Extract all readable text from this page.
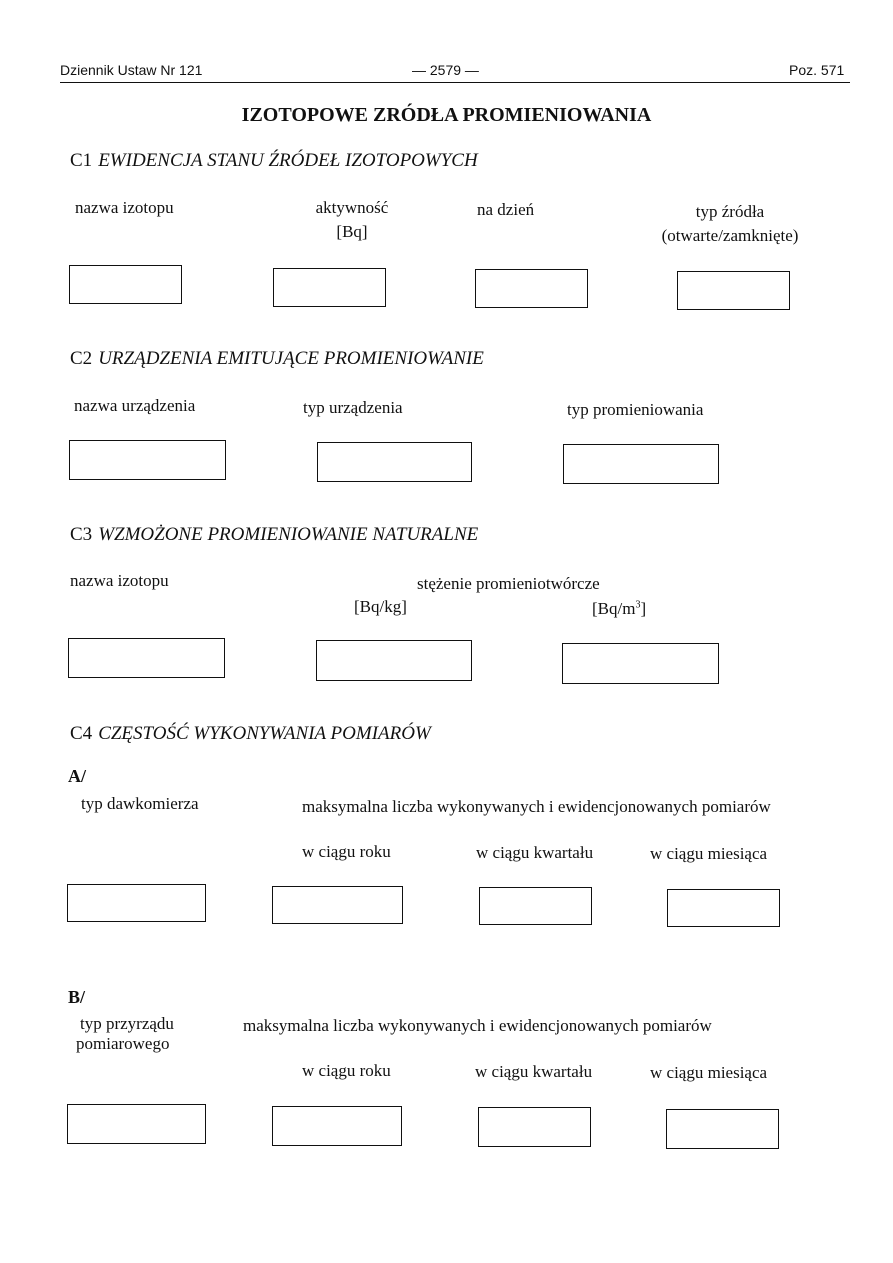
Dziennik Ustaw Nr 121	— 2579 —	Poz. 571
IZOTOPOWE ZRÓDŁA PROMIENIOWANIA
C1 EWIDENCJA STANU ŹRÓDEŁ IZOTOPOWYCH
nazwa izotopu	aktywność
[Bq]
na dzień	typ źródła
(otwarte/zamknięte)
C2 URZĄDZENIA EMITUJĄCE PROMIENIOWANIE
nazwa urządzenia	typ urządzenia	typ promieniowania
C3 WZMOŻONE PROMIENIOWANIE NATURALNE
nazwa izotopu	stężenie promieniotwórcze
[Bq/kg]	$[Bq/m^3]$
C4 CZĘSTOŚĆ WYKONYWANIA POMIARÓW
A/
typ dawkomierza	maksymalna liczba wykonywanych i ewidencjonowanych pomiarów
w ciągu roku	w ciągu kwartału	w ciągu miesiąca
B/
typ przyrządu
pomiarowego
maksymalna liczba wykonywanych i ewidencjonowanych pomiarów
w ciągu roku	w ciągu kwartału	w ciągu miesiąca
